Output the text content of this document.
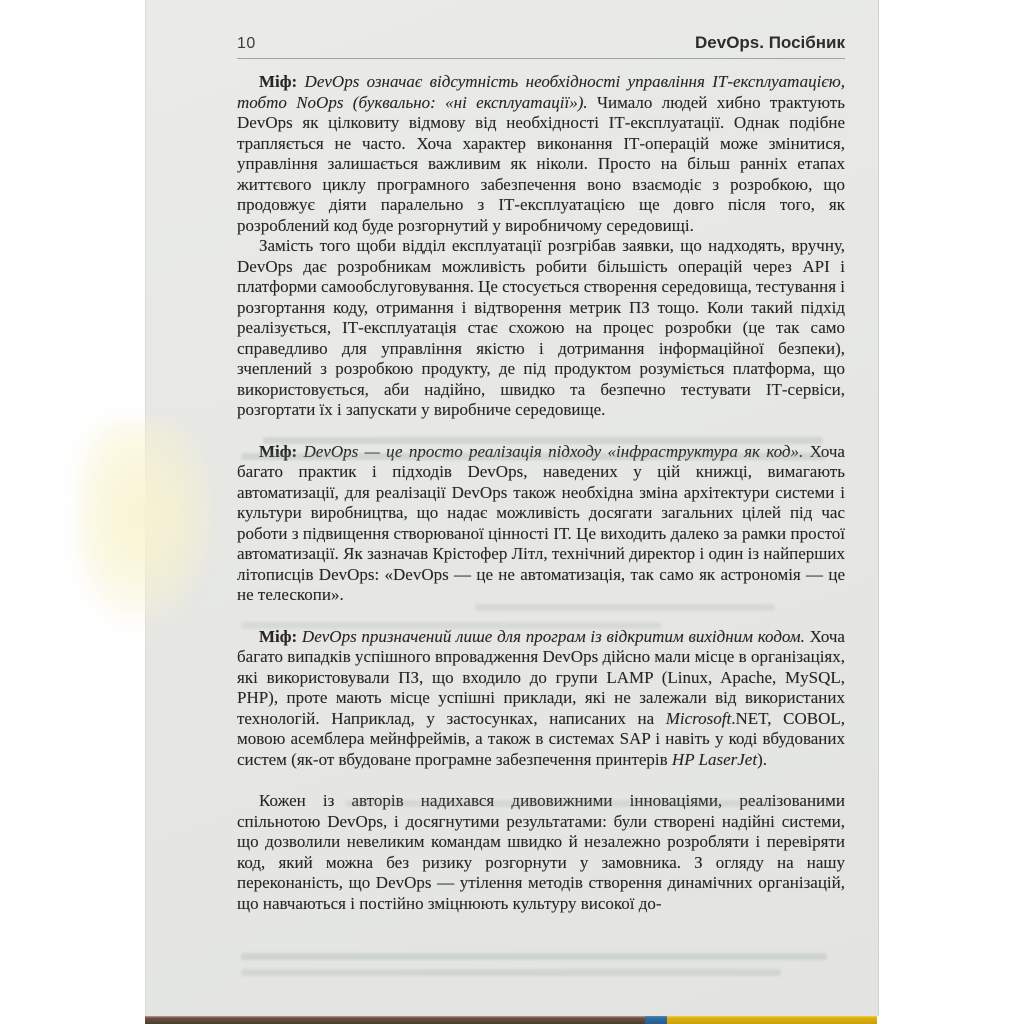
10	DevOps. Посібник

Міф: DevOps означає відсутність необхідності управління ІТ-експлуатацією, тобто NoOps (буквально: «ні експлуатації»). Чимало людей хибно трактують DevOps як цілковиту відмову від необхідності ІТ-експлуатації. Однак подібне трапляється не часто. Хоча характер виконання ІТ-операцій може змінитися, управління залишається важливим як ніколи. Просто на більш ранніх етапах життєвого циклу програмного забезпечення воно взаємодіє з розробкою, що продовжує діяти паралельно з ІТ-експлуатацією ще довго після того, як розроблений код буде розгорнутий у виробничому середовищі.

Замість того щоби відділ експлуатації розгрібав заявки, що надходять, вручну, DevOps дає розробникам можливість робити більшість операцій через API і платформи самообслуговування. Це стосується створення середовища, тестування і розгортання коду, отримання і відтворення метрик ПЗ тощо. Коли такий підхід реалізується, ІТ-експлуатація стає схожою на процес розробки (це так само справедливо для управління якістю і дотримання інформаційної безпеки), зчеплений з розробкою продукту, де під продуктом розуміється платформа, що використовується, аби надійно, швидко та безпечно тестувати ІТ-сервіси, розгортати їх і запускати у виробниче середовище.

Міф: DevOps — це просто реалізація підходу «інфраструктура як код». Хоча багато практик і підходів DevOps, наведених у цій книжці, вимагають автоматизації, для реалізації DevOps також необхідна зміна архітектури системи і культури виробництва, що надає можливість досягати загальних цілей під час роботи з підвищення створюваної цінності ІТ. Це виходить далеко за рамки простої автоматизації. Як зазначав Крістофер Літл, технічний директор і один із найперших літописців DevOps: «DevOps — це не автоматизація, так само як астрономія — це не телескопи».

Міф: DevOps призначений лише для програм із відкритим вихідним кодом. Хоча багато випадків успішного впровадження DevOps дійсно мали місце в організаціях, які використовували ПЗ, що входило до групи LAMP (Linux, Apache, MySQL, PHP), проте мають місце успішні приклади, які не залежали від використаних технологій. Наприклад, у застосунках, написаних на Microsoft.NET, COBOL, мовою асемблера мейнфреймів, а також в системах SAP і навіть у коді вбудованих систем (як-от вбудоване програмне забезпечення принтерів HP LaserJet).

Кожен із авторів надихався дивовижними інноваціями, реалізованими спільнотою DevOps, і досягнутими результатами: були створені надійні системи, що дозволили невеликим командам швидко й незалежно розробляти і перевіряти код, який можна без ризику розгорнути у замовника. З огляду на нашу переконаність, що DevOps — утілення методів створення динамічних організацій, що навчаються і постійно зміцнюють культуру високої до-
